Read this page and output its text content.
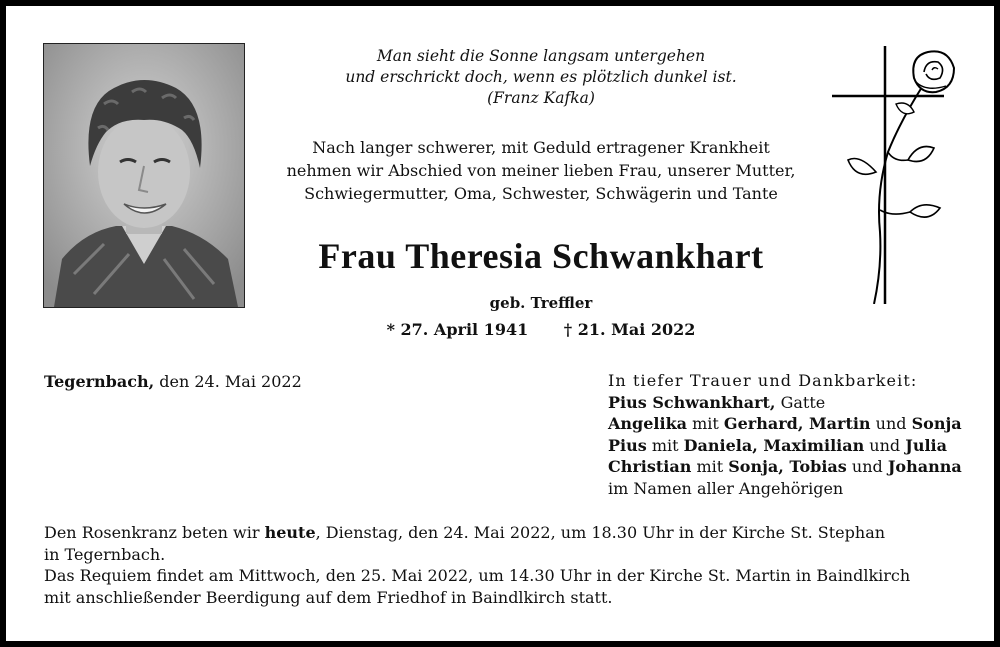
Man sieht die Sonne langsam untergehen
und erschrickt doch, wenn es plötzlich dunkel ist.
(Franz Kafka)
Nach langer schwerer, mit Geduld ertragener Krankheit
nehmen wir Abschied von meiner lieben Frau, unserer Mutter,
Schwiegermutter, Oma, Schwester, Schwägerin und Tante
Frau Theresia Schwankhart
geb. Treffler
* 27. April 1941 † 21. Mai 2022
Tegernbach, den 24. Mai 2022	In tiefer Trauer und Dankbarkeit:
Pius Schwankhart, Gatte
Angelika mit Gerhard, Martin und Sonja
Pius mit Daniela, Maximilian und Julia
Christian mit Sonja, Tobias und Johanna
im Namen aller Angehörigen
Den Rosenkranz beten wir heute, Dienstag, den 24. Mai 2022, um 18.30 Uhr in der Kirche St. Stephan
in Tegernbach.
Das Requiem findet am Mittwoch, den 25. Mai 2022, um 14.30 Uhr in der Kirche St. Martin in Baindlkirch
mit anschließender Beerdigung auf dem Friedhof in Baindlkirch statt.
